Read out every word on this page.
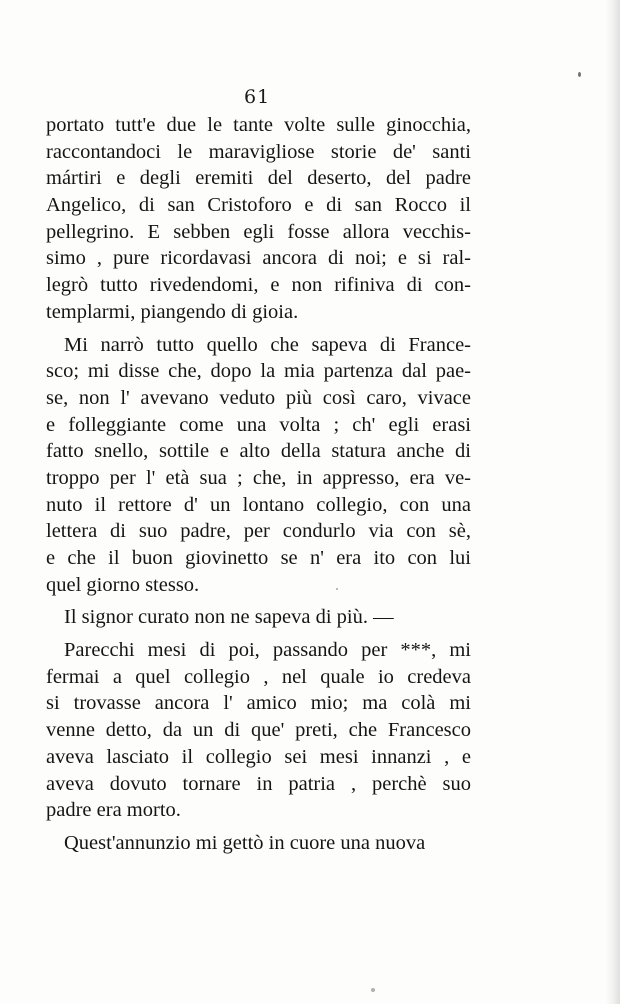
61
portato tutt'e due le tante volte sulle ginocchia,
raccontandoci le maravigliose storie de' santi
mártiri e degli eremiti del deserto, del padre
Angelico, di san Cristoforo e di san Rocco il
pellegrino. E sebben egli fosse allora vecchis-
simo , pure ricordavasi ancora di noi; e si ral-
legrò tutto rivedendomi, e non rifiniva di con-
templarmi, piangendo di gioia.
Mi narrò tutto quello che sapeva di France-
sco; mi disse che, dopo la mia partenza dal pae-
se, non l' avevano veduto più così caro, vivace
e folleggiante come una volta ; ch' egli erasi
fatto snello, sottile e alto della statura anche di
troppo per l' età sua ; che, in appresso, era ve-
nuto il rettore d' un lontano collegio, con una
lettera di suo padre, per condurlo via con sè,
e che il buon giovinetto se n' era ito con lui
quel giorno stesso.
Il signor curato non ne sapeva di più. —
Parecchi mesi di poi, passando per ***, mi
fermai a quel collegio , nel quale io credeva
si trovasse ancora l' amico mio; ma colà mi
venne detto, da un di que' preti, che Francesco
aveva lasciato il collegio sei mesi innanzi , e
aveva dovuto tornare in patria , perchè suo
padre era morto.
Quest'annunzio mi gettò in cuore una nuova
